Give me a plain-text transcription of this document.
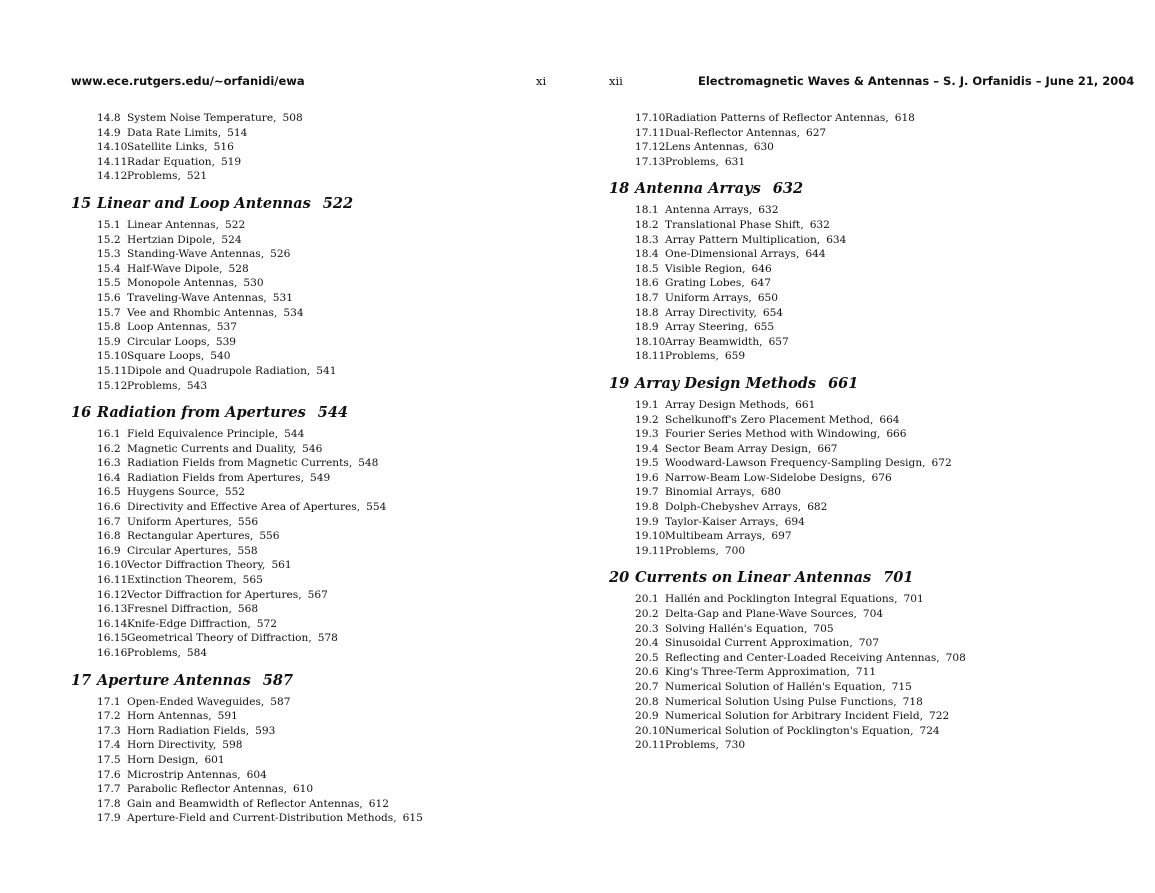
www.ece.rutgers.edu/~orfanidi/ewa	xi	xii	Electromagnetic Waves & Antennas – S. J. Orfanidis – June 21, 2004
14.8 System Noise Temperature, 508
14.9 Data Rate Limits, 514
14.10Satellite Links, 516
14.11Radar Equation, 519
14.12Problems, 521
15 Linear and Loop Antennas 522
15.1 Linear Antennas, 522
15.2 Hertzian Dipole, 524
15.3 Standing-Wave Antennas, 526
15.4 Half-Wave Dipole, 528
15.5 Monopole Antennas, 530
15.6 Traveling-Wave Antennas, 531
15.7 Vee and Rhombic Antennas, 534
15.8 Loop Antennas, 537
15.9 Circular Loops, 539
15.10Square Loops, 540
15.11Dipole and Quadrupole Radiation, 541
15.12Problems, 543
16 Radiation from Apertures 544
16.1 Field Equivalence Principle, 544
16.2 Magnetic Currents and Duality, 546
16.3 Radiation Fields from Magnetic Currents, 548
16.4 Radiation Fields from Apertures, 549
16.5 Huygens Source, 552
16.6 Directivity and Effective Area of Apertures, 554
16.7 Uniform Apertures, 556
16.8 Rectangular Apertures, 556
16.9 Circular Apertures, 558
16.10Vector Diffraction Theory, 561
16.11Extinction Theorem, 565
16.12Vector Diffraction for Apertures, 567
16.13Fresnel Diffraction, 568
16.14Knife-Edge Diffraction, 572
16.15Geometrical Theory of Diffraction, 578
16.16Problems, 584
17 Aperture Antennas 587
17.1 Open-Ended Waveguides, 587
17.2 Horn Antennas, 591
17.3 Horn Radiation Fields, 593
17.4 Horn Directivity, 598
17.5 Horn Design, 601
17.6 Microstrip Antennas, 604
17.7 Parabolic Reflector Antennas, 610
17.8 Gain and Beamwidth of Reflector Antennas, 612
17.9 Aperture-Field and Current-Distribution Methods, 615
17.10Radiation Patterns of Reflector Antennas, 618
17.11Dual-Reflector Antennas, 627
17.12Lens Antennas, 630
17.13Problems, 631
18 Antenna Arrays 632
18.1 Antenna Arrays, 632
18.2 Translational Phase Shift, 632
18.3 Array Pattern Multiplication, 634
18.4 One-Dimensional Arrays, 644
18.5 Visible Region, 646
18.6 Grating Lobes, 647
18.7 Uniform Arrays, 650
18.8 Array Directivity, 654
18.9 Array Steering, 655
18.10Array Beamwidth, 657
18.11Problems, 659
19 Array Design Methods 661
19.1 Array Design Methods, 661
19.2 Schelkunoff's Zero Placement Method, 664
19.3 Fourier Series Method with Windowing, 666
19.4 Sector Beam Array Design, 667
19.5 Woodward-Lawson Frequency-Sampling Design, 672
19.6 Narrow-Beam Low-Sidelobe Designs, 676
19.7 Binomial Arrays, 680
19.8 Dolph-Chebyshev Arrays, 682
19.9 Taylor-Kaiser Arrays, 694
19.10Multibeam Arrays, 697
19.11Problems, 700
20 Currents on Linear Antennas 701
20.1 Hallén and Pocklington Integral Equations, 701
20.2 Delta-Gap and Plane-Wave Sources, 704
20.3 Solving Hallén's Equation, 705
20.4 Sinusoidal Current Approximation, 707
20.5 Reflecting and Center-Loaded Receiving Antennas, 708
20.6 King's Three-Term Approximation, 711
20.7 Numerical Solution of Hallén's Equation, 715
20.8 Numerical Solution Using Pulse Functions, 718
20.9 Numerical Solution for Arbitrary Incident Field, 722
20.10Numerical Solution of Pocklington's Equation, 724
20.11Problems, 730
